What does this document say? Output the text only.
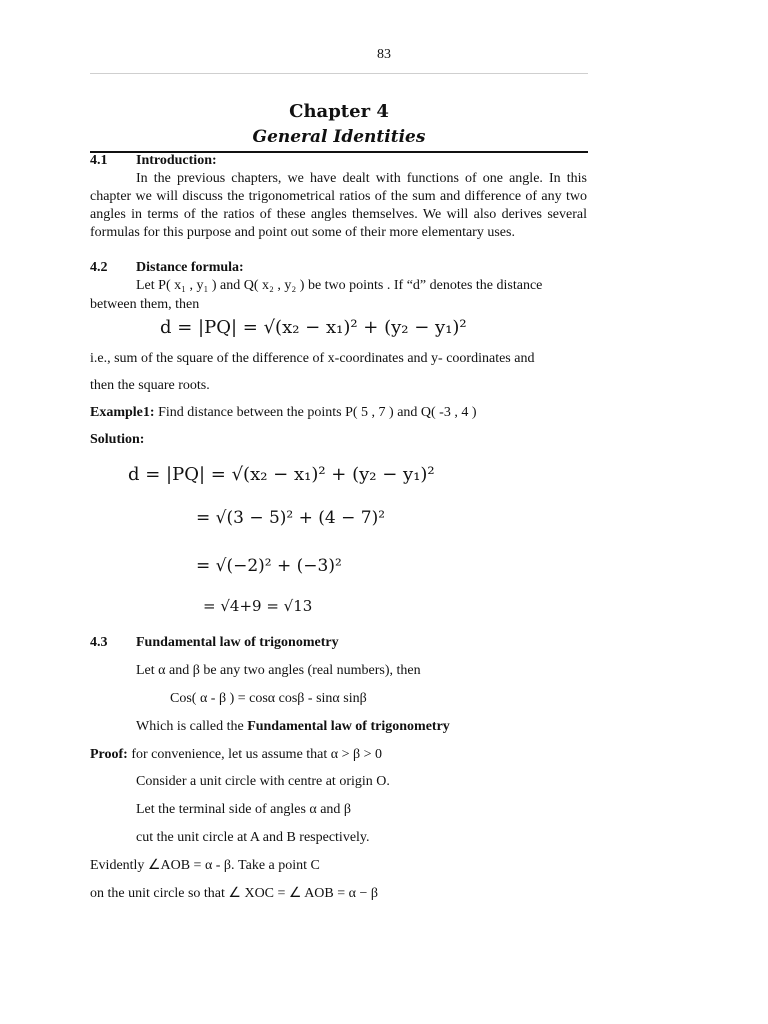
83
Chapter 4
General Identities
4.1 Introduction:
In the previous chapters, we have dealt with functions of one angle. In this chapter we will discuss the trigonometrical ratios of the sum and difference of any two angles in terms of the ratios of these angles themselves. We will also derives several formulas for this purpose and point out some of their more elementary uses.
4.2 Distance formula:
Let P( x₁ , y₁ ) and Q( x₂ , y₂ ) be two points . If “d” denotes the distance
between them, then
d = |PQ| = √(x₂ − x₁)² + (y₂ − y₁)²
i.e., sum of the square of the difference of x-coordinates and y- coordinates and
then the square roots.
Example1: Find distance between the points P( 5 , 7 ) and Q( -3 , 4 )
Solution:
d = |PQ| = √(x₂ − x₁)² + (y₂ − y₁)²
= √(3 − 5)² + (4 − 7)²
= √(−2)² + (−3)²
= √4+9 = √13
4.3 Fundamental law of trigonometry
Let α and β be any two angles (real numbers), then
Cos( α - β ) = cosα cosβ - sinα sinβ
Which is called the Fundamental law of trigonometry
Proof: for convenience, let us assume that α > β > 0
Consider a unit circle with centre at origin O.
Let the terminal side of angles α and β
cut the unit circle at A and B respectively.
Evidently ∠AOB = α - β. Take a point C
on the unit circle so that ∠ XOC = ∠ AOB = α − β
